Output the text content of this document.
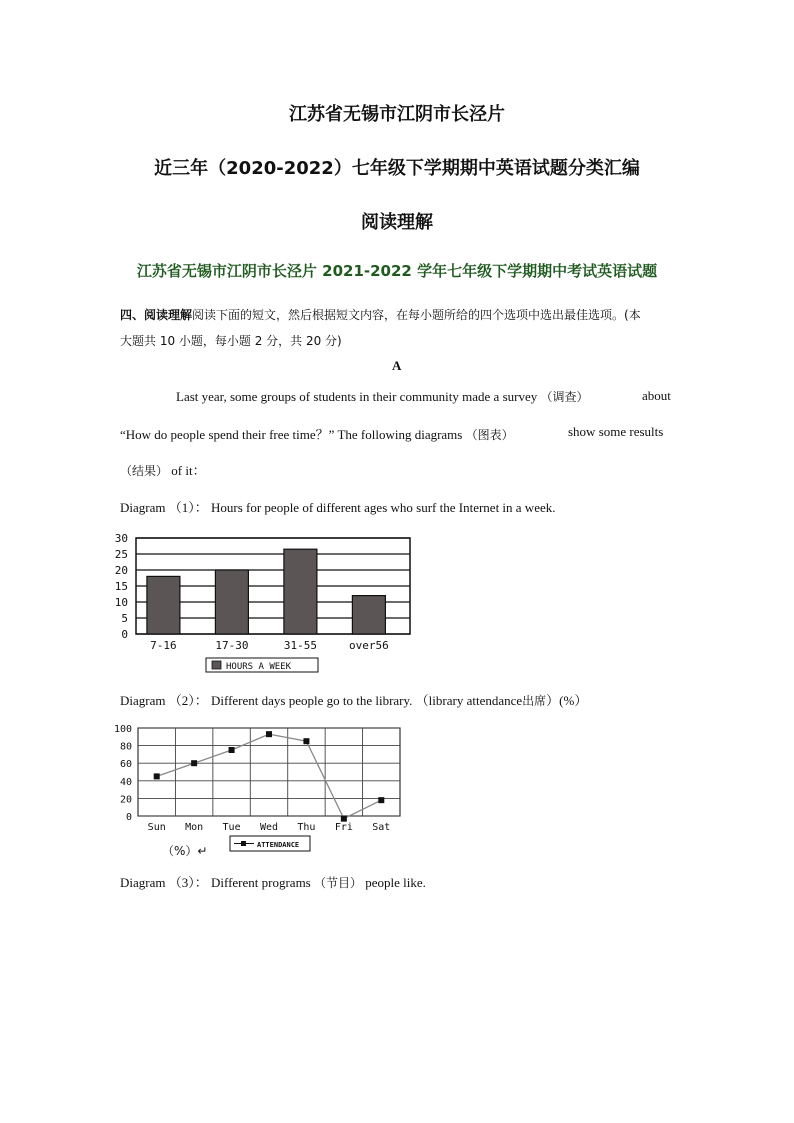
江苏省无锡市江阴市长泾片
近三年（2020-2022）七年级下学期期中英语试题分类汇编
阅读理解
江苏省无锡市江阴市长泾片 2021-2022 学年七年级下学期期中考试英语试题
四、阅读理解阅读下面的短文，然后根据短文内容，在每小题所给的四个选项中选出最佳选项。(本
大题共 10 小题，每小题 2 分，共 20 分)
A
Last year, some groups of students in their community made a survey （调查）	about
“How do people spend their free time？” The following diagrams （图表）	show some results
（结果） of it：
Diagram （1）： Hours for people of different ages who surf the Internet in a week.
0
5
10
15
20
25
30
7-16	17-30	31-55	over56
HOURS A WEEK
Diagram （2）： Different days people go to the library. （library attendance出席）(%）
0
20
40
60
80
100
Sun Mon Tue Wed Thu Fri Sat
ATTENDANCE
（%）↵
Diagram （3）： Different programs （节目） people like.
